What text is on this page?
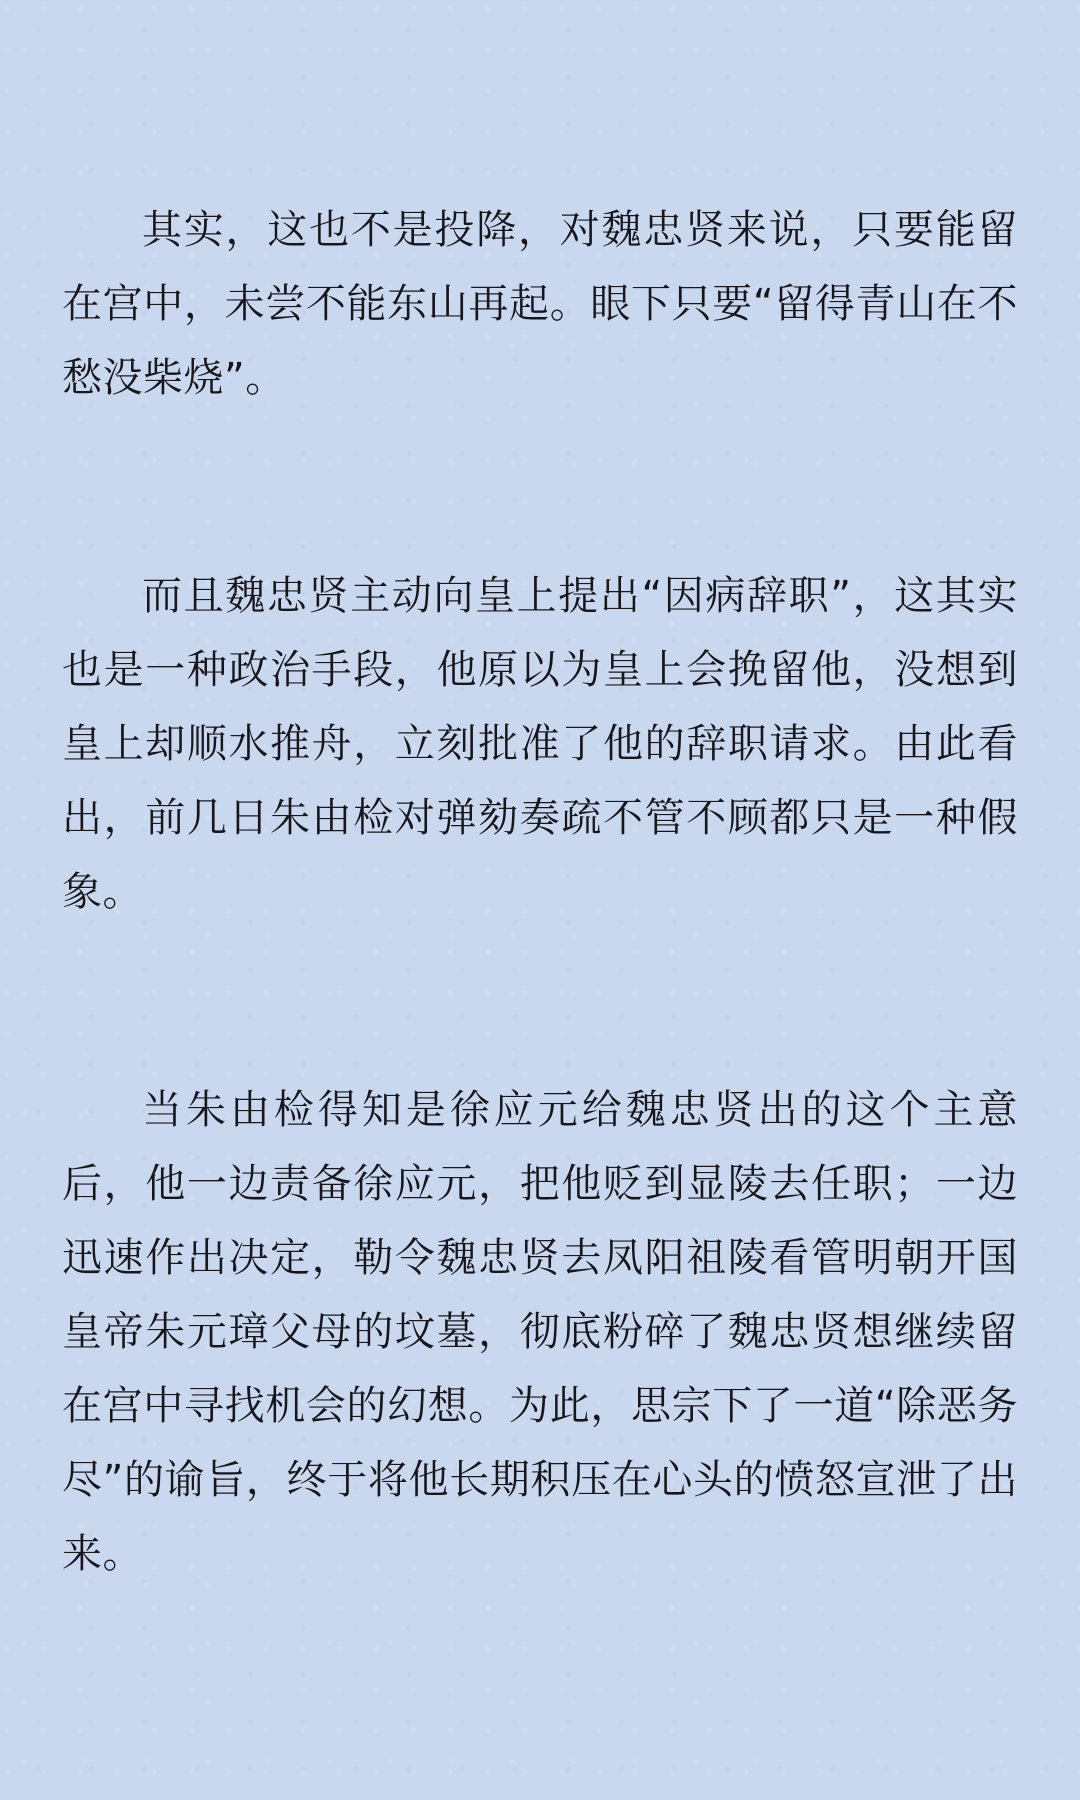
其实，这也不是投降，对魏忠贤来说，只要能留在宫中，未尝不能东山再起。眼下只要“留得青山在不愁没柴烧”。

而且魏忠贤主动向皇上提出“因病辞职”，这其实也是一种政治手段，他原以为皇上会挽留他，没想到皇上却顺水推舟，立刻批准了他的辞职请求。由此看出，前几日朱由检对弹劾奏疏不管不顾都只是一种假象。

当朱由检得知是徐应元给魏忠贤出的这个主意后，他一边责备徐应元，把他贬到显陵去任职；一边迅速作出决定，勒令魏忠贤去凤阳祖陵看管明朝开国皇帝朱元璋父母的坟墓，彻底粉碎了魏忠贤想继续留在宫中寻找机会的幻想。为此，思宗下了一道“除恶务尽”的谕旨，终于将他长期积压在心头的愤怒宣泄了出来。
